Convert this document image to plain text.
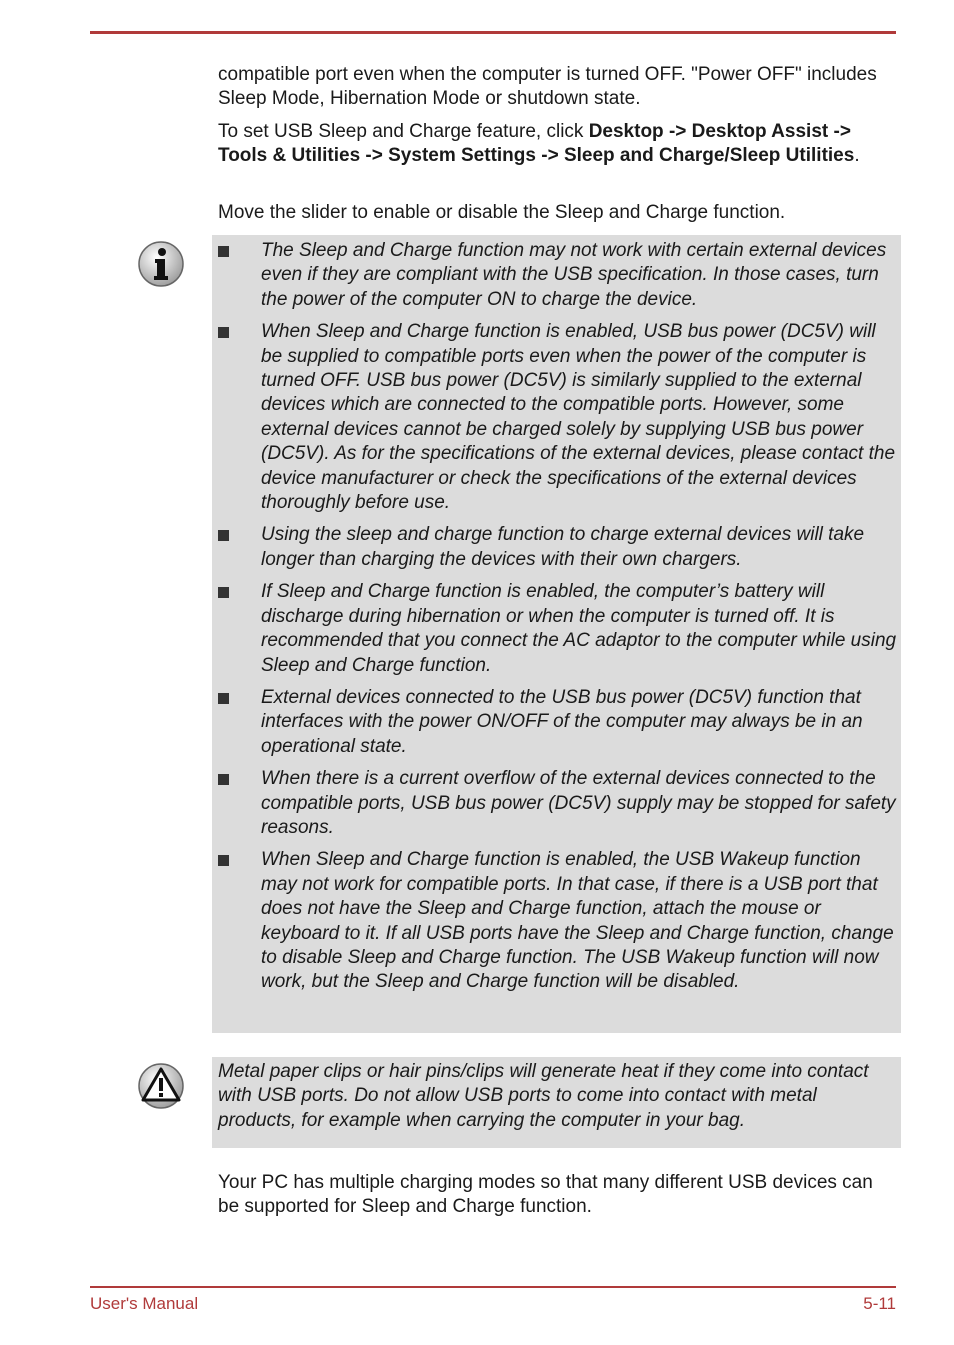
compatible port even when the computer is turned OFF. "Power OFF" includes Sleep Mode, Hibernation Mode or shutdown state.

To set USB Sleep and Charge feature, click Desktop -> Desktop Assist -> Tools & Utilities -> System Settings -> Sleep and Charge/Sleep Utilities.

Move the slider to enable or disable the Sleep and Charge function.

The Sleep and Charge function may not work with certain external devices even if they are compliant with the USB specification. In those cases, turn the power of the computer ON to charge the device.
When Sleep and Charge function is enabled, USB bus power (DC5V) will be supplied to compatible ports even when the power of the computer is turned OFF. USB bus power (DC5V) is similarly supplied to the external devices which are connected to the compatible ports. However, some external devices cannot be charged solely by supplying USB bus power (DC5V). As for the specifications of the external devices, please contact the device manufacturer or check the specifications of the external devices thoroughly before use.
Using the sleep and charge function to charge external devices will take longer than charging the devices with their own chargers.
If Sleep and Charge function is enabled, the computer’s battery will discharge during hibernation or when the computer is turned off. It is recommended that you connect the AC adaptor to the computer while using Sleep and Charge function.
External devices connected to the USB bus power (DC5V) function that interfaces with the power ON/OFF of the computer may always be in an operational state.
When there is a current overflow of the external devices connected to the compatible ports, USB bus power (DC5V) supply may be stopped for safety reasons.
When Sleep and Charge function is enabled, the USB Wakeup function may not work for compatible ports. In that case, if there is a USB port that does not have the Sleep and Charge function, attach the mouse or keyboard to it. If all USB ports have the Sleep and Charge function, change to disable Sleep and Charge function. The USB Wakeup function will now work, but the Sleep and Charge function will be disabled.

Metal paper clips or hair pins/clips will generate heat if they come into contact with USB ports. Do not allow USB ports to come into contact with metal products, for example when carrying the computer in your bag.

Your PC has multiple charging modes so that many different USB devices can be supported for Sleep and Charge function.

User's Manual	5-11
